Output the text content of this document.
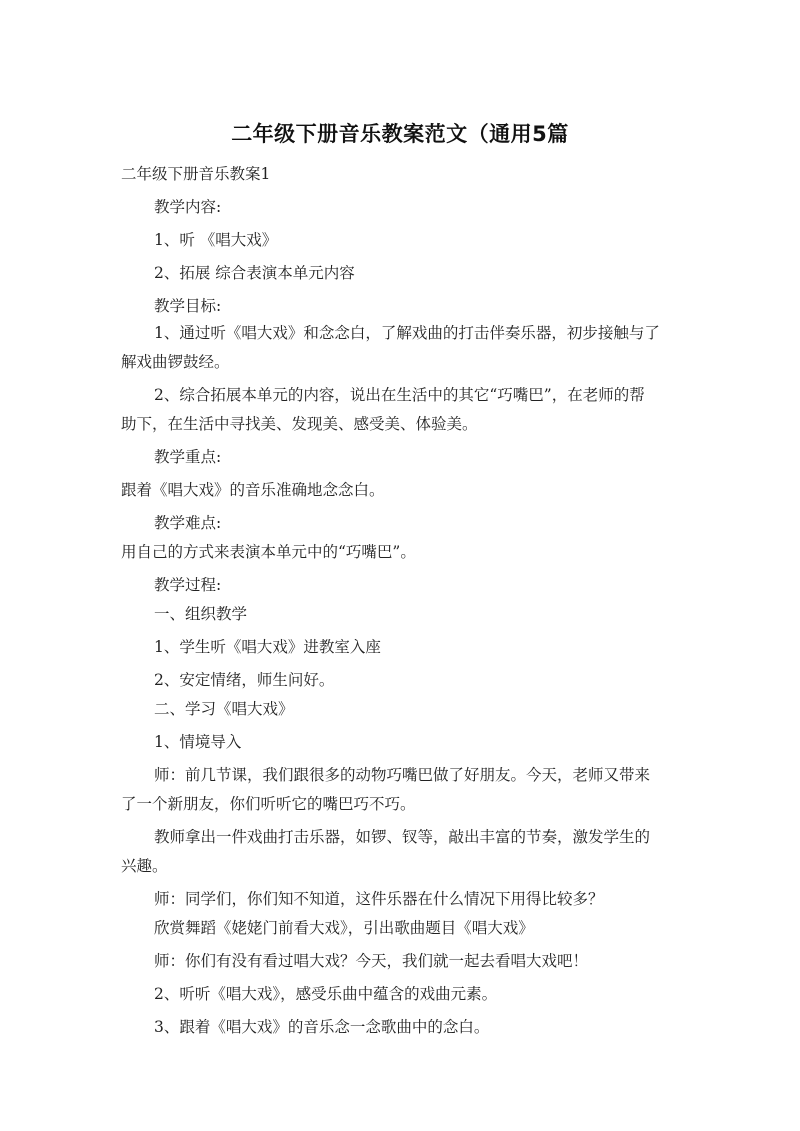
二年级下册音乐教案范文（通用5篇
二年级下册音乐教案1
教学内容:
1、听 《唱大戏》
2、拓展 综合表演本单元内容
教学目标:
1、通过听《唱大戏》和念念白，了解戏曲的打击伴奏乐器，初步接触与了
解戏曲锣鼓经。
2、综合拓展本单元的内容，说出在生活中的其它“巧嘴巴”，在老师的帮
助下，在生活中寻找美、发现美、感受美、体验美。
教学重点:
跟着《唱大戏》的音乐准确地念念白。
教学难点:
用自己的方式来表演本单元中的“巧嘴巴”。
教学过程:
一、组织教学
1、学生听《唱大戏》进教室入座
2、安定情绪，师生问好。
二、学习《唱大戏》
1、情境导入
师：前几节课，我们跟很多的动物巧嘴巴做了好朋友。今天，老师又带来
了一个新朋友，你们听听它的嘴巴巧不巧。
教师拿出一件戏曲打击乐器，如锣、钗等，敲出丰富的节奏，激发学生的
兴趣。
师：同学们，你们知不知道，这件乐器在什么情况下用得比较多？
欣赏舞蹈《姥姥门前看大戏》，引出歌曲题目《唱大戏》
师：你们有没有看过唱大戏？今天，我们就一起去看唱大戏吧！
2、听听《唱大戏》，感受乐曲中蕴含的戏曲元素。
3、跟着《唱大戏》的音乐念一念歌曲中的念白。
